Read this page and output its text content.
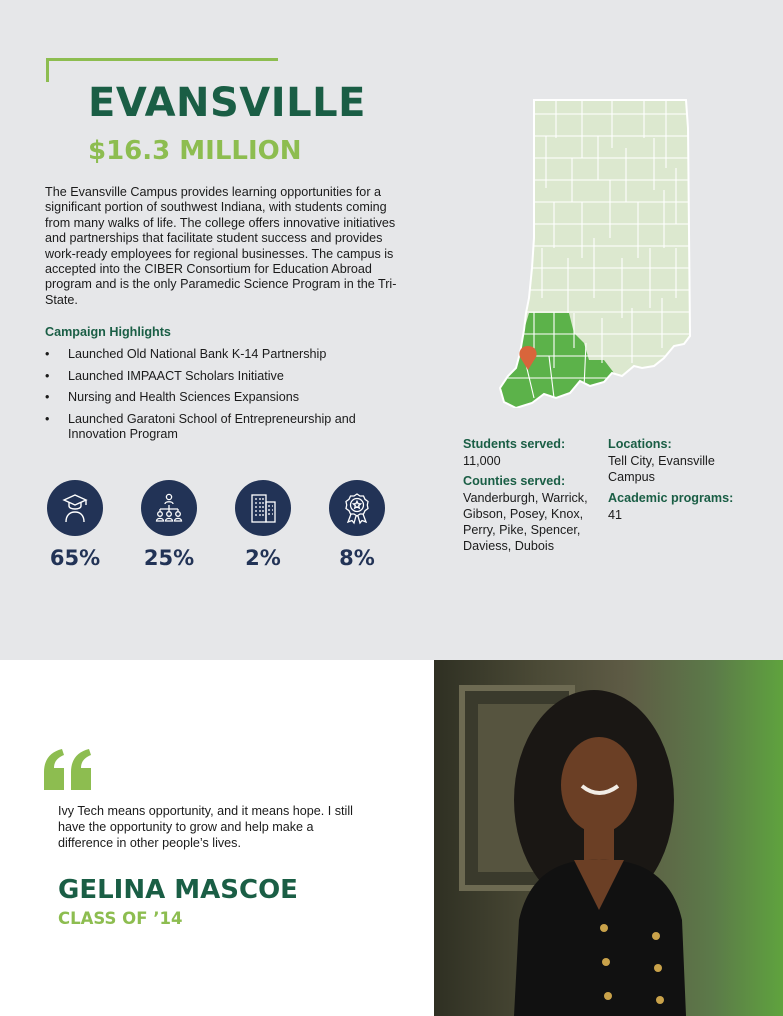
EVANSVILLE
$16.3 MILLION

The Evansville Campus provides learning opportunities for a significant portion of southwest Indiana, with students coming from many walks of life. The college offers innovative initiatives and partnerships that facilitate student success and provides work-ready employees for regional businesses. The campus is accepted into the CIBER Consortium for Education Abroad program and is the only Paramedic Science Program in the Tri-State.

Campaign Highlights
• Launched Old National Bank K-14 Partnership
• Launched IMPAACT Scholars Initiative
• Nursing and Health Sciences Expansions
• Launched Garatoni School of Entrepreneurship and Innovation Program
65%	25%	2%	8%
Students served:
11,000
Counties served:
Vanderburgh, Warrick, Gibson, Posey, Knox, Perry, Pike, Spencer, Daviess, Dubois
Locations:
Tell City, Evansville Campus
Academic programs:
41

Ivy Tech means opportunity, and it means hope. I still have the opportunity to grow and help make a difference in other people’s lives.

GELINA MASCOE
CLASS OF ’14
